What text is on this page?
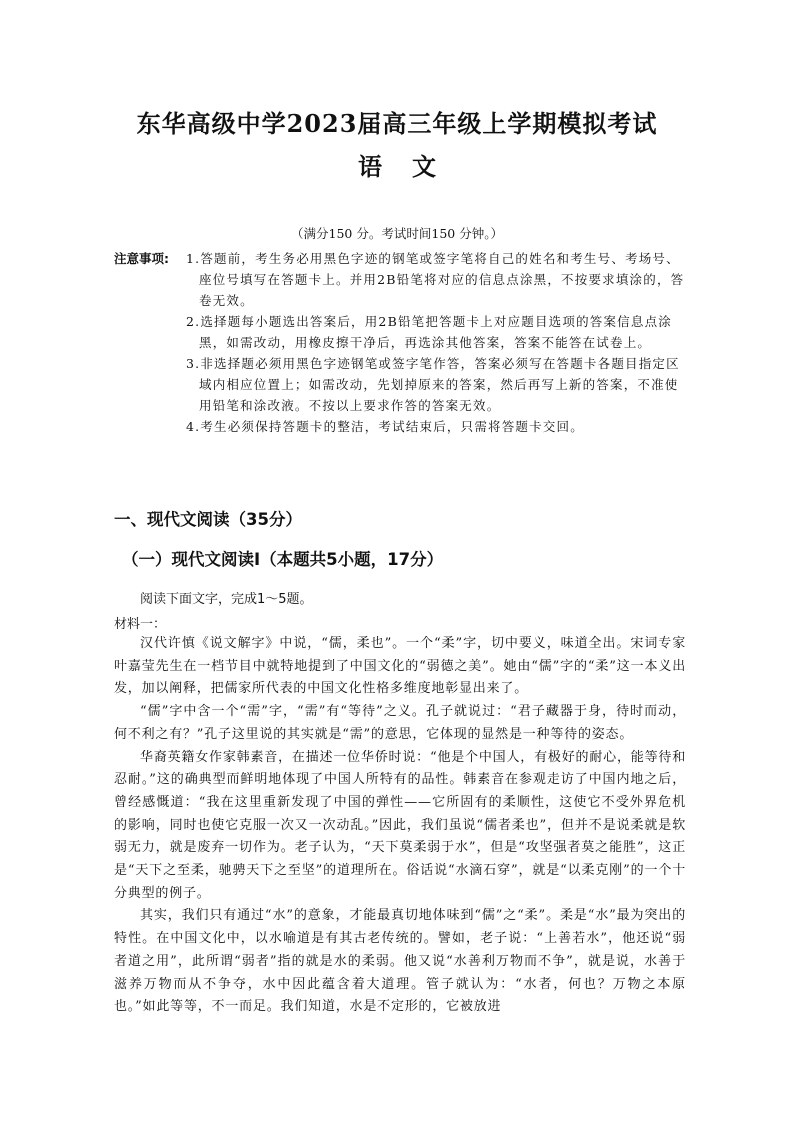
东华高级中学2023届高三年级上学期模拟考试
语文
（满分150 分。考试时间150 分钟。）
注意事项: 1.答题前，考生务必用黑色字迹的钢笔或签字笔将自己的姓名和考生号、考场号、座位号填写在答题卡上。并用2B铅笔将对应的信息点涂黑，不按要求填涂的，答卷无效。

2.选择题每小题选出答案后，用2B铅笔把答题卡上对应题目选项的答案信息点涂黑，如需改动，用橡皮擦干净后，再选涂其他答案，答案不能答在试卷上。

3.非选择题必须用黑色字迹钢笔或签字笔作答，答案必须写在答题卡各题目指定区域内相应位置上；如需改动，先划掉原来的答案，然后再写上新的答案，不准使用铅笔和涂改液。不按以上要求作答的答案无效。

4.考生必须保持答题卡的整洁，考试结束后，只需将答题卡交回。

一、现代文阅读（35分）
（一）现代文阅读Ⅰ（本题共5小题，17分）
阅读下面文字，完成1～5题。
材料一：

汉代许慎《说文解字》中说，“儒，柔也”。一个“柔”字，切中要义，味道全出。宋词专家叶嘉莹先生在一档节目中就特地提到了中国文化的“弱德之美”。她由“儒”字的“柔”这一本义出发，加以阐释，把儒家所代表的中国文化性格多维度地彰显出来了。

“儒”字中含一个“需”字，“需”有“等待”之义。孔子就说过：“君子藏器于身，待时而动，何不利之有？”孔子这里说的其实就是“需”的意思，它体现的显然是一种等待的姿态。

华裔英籍女作家韩素音，在描述一位华侨时说：“他是个中国人，有极好的耐心，能等待和忍耐。”这的确典型而鲜明地体现了中国人所特有的品性。韩素音在参观走访了中国内地之后，曾经感慨道：“我在这里重新发现了中国的弹性——它所固有的柔顺性，这使它不受外界危机的影响，同时也使它克服一次又一次动乱。”因此，我们虽说“儒者柔也”，但并不是说柔就是软弱无力，就是废弃一切作为。老子认为，“天下莫柔弱于水”，但是“攻坚强者莫之能胜”，这正是“天下之至柔，驰骋天下之至坚”的道理所在。俗话说“水滴石穿”，就是“以柔克刚”的一个十分典型的例子。

其实，我们只有通过“水”的意象，才能最真切地体味到“儒”之“柔”。柔是“水”最为突出的特性。在中国文化中，以水喻道是有其古老传统的。譬如，老子说：“上善若水”，他还说“弱者道之用”，此所谓“弱者”指的就是水的柔弱。他又说“水善利万物而不争”，就是说，水善于滋养万物而从不争夺，水中因此蕴含着大道理。管子就认为：“水者，何也？万物之本原也。”如此等等，不一而足。我们知道，水是不定形的，它被放进
